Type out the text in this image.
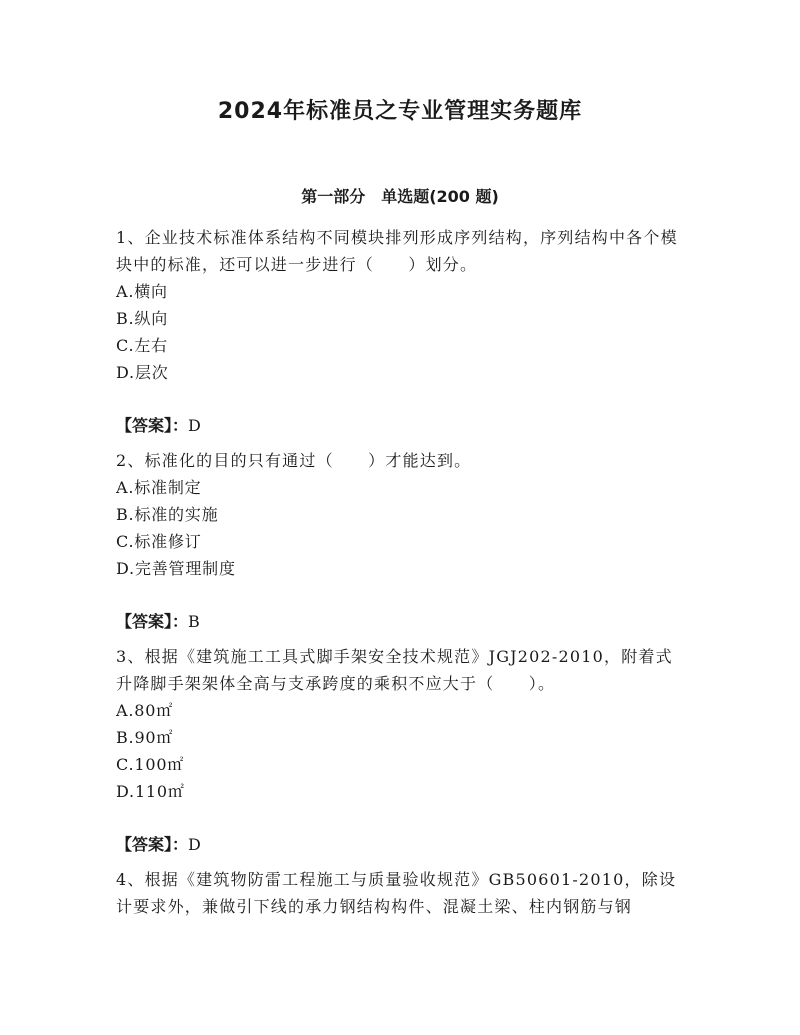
2024年标准员之专业管理实务题库
第一部分　单选题(200 题)
1、企业技术标准体系结构不同模块排列形成序列结构，序列结构中各个模块中的标准，还可以进一步进行（　　）划分。
A.横向
B.纵向
C.左右
D.层次
【答案】：D
2、标准化的目的只有通过（　　）才能达到。
A.标准制定
B.标准的实施
C.标准修订
D.完善管理制度
【答案】：B
3、根据《建筑施工工具式脚手架安全技术规范》JGJ202-2010，附着式升降脚手架架体全高与支承跨度的乘积不应大于（　　）。
A.80㎡
B.90㎡
C.100㎡
D.110㎡
【答案】：D
4、根据《建筑物防雷工程施工与质量验收规范》GB50601-2010，除设计要求外，兼做引下线的承力钢结构构件、混凝土梁、柱内钢筋与钢
